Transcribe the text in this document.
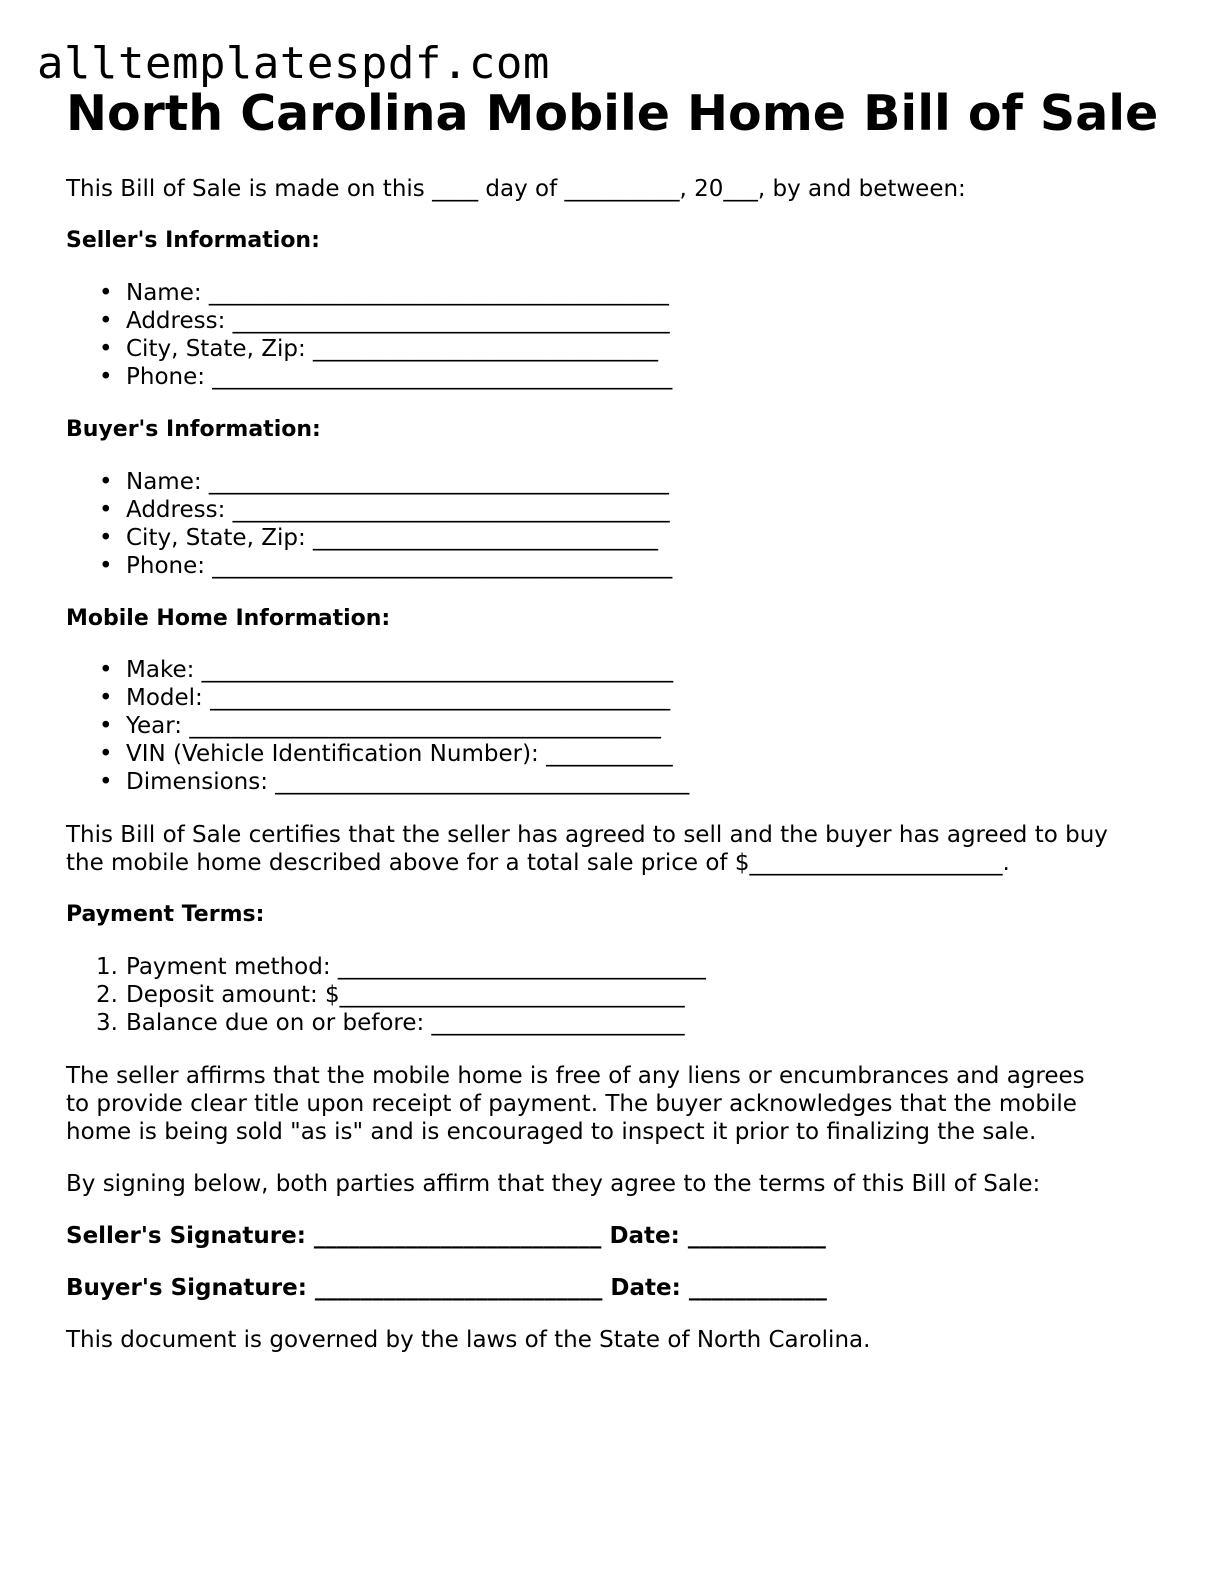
alltemplatespdf.com
North Carolina Mobile Home Bill of Sale

This Bill of Sale is made on this ____ day of __________, 20___, by and between:

Seller's Information:

• Name: ________________________________________

• Address: ______________________________________

• City, State, Zip: ______________________________

• Phone: ________________________________________

Buyer's Information:

• Name: ________________________________________

• Address: ______________________________________

• City, State, Zip: ______________________________

• Phone: ________________________________________

Mobile Home Information:

• Make: _________________________________________

• Model: ________________________________________

• Year: _________________________________________

• VIN (Vehicle Identification Number): ___________

• Dimensions: ____________________________________

This Bill of Sale certifies that the seller has agreed to sell and the buyer has agreed to buy

the mobile home described above for a total sale price of $______________________.

Payment Terms:

1. Payment method: ________________________________

2. Deposit amount: $______________________________

3. Balance due on or before: ______________________

The seller affirms that the mobile home is free of any liens or encumbrances and agrees

to provide clear title upon receipt of payment. The buyer acknowledges that the mobile

home is being sold "as is" and is encouraged to inspect it prior to finalizing the sale.

By signing below, both parties affirm that they agree to the terms of this Bill of Sale:

Seller's Signature: _________________________ Date: ____________

Buyer's Signature: _________________________ Date: ____________

This document is governed by the laws of the State of North Carolina.
